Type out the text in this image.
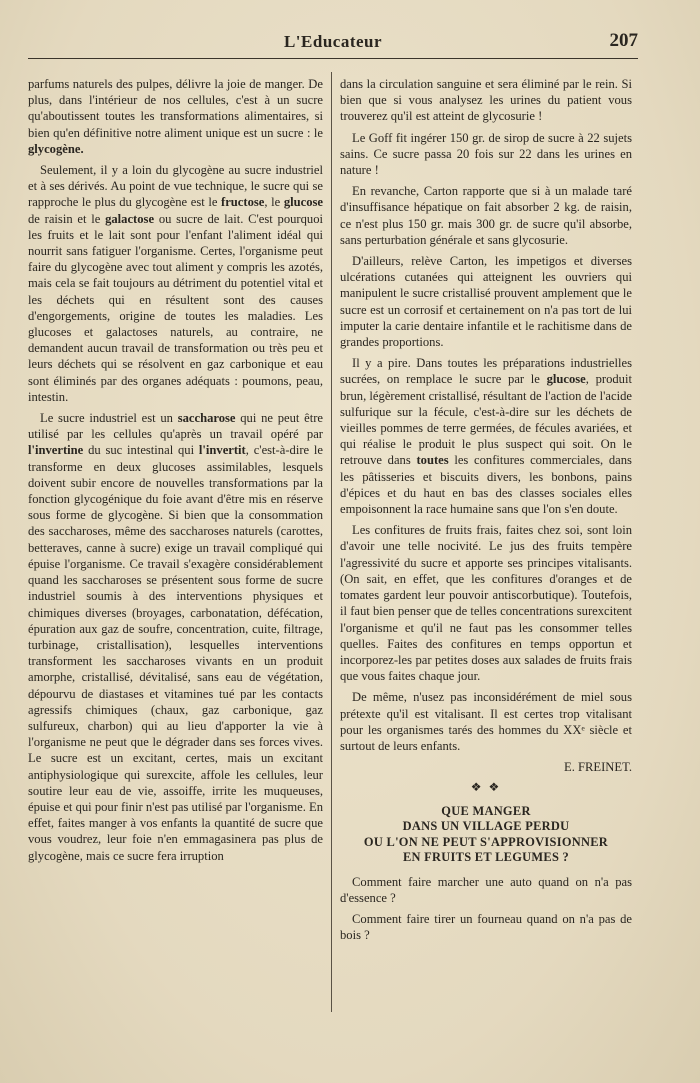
L'Educateur	207

parfums naturels des pulpes, délivre la joie de manger. De plus, dans l'intérieur de nos cellules, c'est à un sucre qu'aboutissent toutes les transformations alimentaires, si bien qu'en définitive notre aliment unique est un sucre : le glycogène.

Seulement, il y a loin du glycogène au sucre industriel et à ses dérivés. Au point de vue technique, le sucre qui se rapproche le plus du glycogène est le fructose, le glucose de raisin et le galactose ou sucre de lait. C'est pourquoi les fruits et le lait sont pour l'enfant l'aliment idéal qui nourrit sans fatiguer l'organisme. Certes, l'organisme peut faire du glycogène avec tout aliment y compris les azotés, mais cela se fait toujours au détriment du potentiel vital et les déchets qui en résultent sont des causes d'engorgements, origine de toutes les maladies. Les glucoses et galactoses naturels, au contraire, ne demandent aucun travail de transformation ou très peu et leurs déchets qui se résolvent en gaz carbonique et eau sont éliminés par des organes adéquats : poumons, peau, intestin.

Le sucre industriel est un saccharose qui ne peut être utilisé par les cellules qu'après un travail opéré par l'invertine du suc intestinal qui l'invertit, c'est-à-dire le transforme en deux glucoses assimilables, lesquels doivent subir encore de nouvelles transformations par la fonction glycogénique du foie avant d'être mis en réserve sous forme de glycogène. Si bien que la consommation des saccharoses, même des saccharoses naturels (carottes, betteraves, canne à sucre) exige un travail compliqué qui épuise l'organisme. Ce travail s'exagère considérablement quand les saccharoses se présentent sous forme de sucre industriel soumis à des interventions physiques et chimiques diverses (broyages, carbonatation, défécation, épuration aux gaz de soufre, concentration, cuite, filtrage, turbinage, cristallisation), lesquelles interventions transforment les saccharoses vivants en un produit amorphe, cristallisé, dévitalisé, sans eau de végétation, dépourvu de diastases et vitamines tué par les contacts agressifs chimiques (chaux, gaz carbonique, gaz sulfureux, charbon) qui au lieu d'apporter la vie à l'organisme ne peut que le dégrader dans ses forces vives. Le sucre est un excitant, certes, mais un excitant antiphysiologique qui surexcite, affole les cellules, leur soutire leur eau de vie, assoiffe, irrite les muqueuses, épuise et qui pour finir n'est pas utilisé par l'organisme. En effet, faites manger à vos enfants la quantité de sucre que vous voudrez, leur foie n'en emmagasinera pas plus de glycogène, mais ce sucre fera irruption

dans la circulation sanguine et sera éliminé par le rein. Si bien que si vous analysez les urines du patient vous trouverez qu'il est atteint de glycosurie !

Le Goff fit ingérer 150 gr. de sirop de sucre à 22 sujets sains. Ce sucre passa 20 fois sur 22 dans les urines en nature !

En revanche, Carton rapporte que si à un malade taré d'insuffisance hépatique on fait absorber 2 kg. de raisin, ce n'est plus 150 gr. mais 300 gr. de sucre qu'il absorbe, sans perturbation générale et sans glycosurie.

D'ailleurs, relève Carton, les impetigos et diverses ulcérations cutanées qui atteignent les ouvriers qui manipulent le sucre cristallisé prouvent amplement que le sucre est un corrosif et certainement on n'a pas tort de lui imputer la carie dentaire infantile et le rachitisme dans de grandes proportions.

Il y a pire. Dans toutes les préparations industrielles sucrées, on remplace le sucre par le glucose, produit brun, légèrement cristallisé, résultant de l'action de l'acide sulfurique sur la fécule, c'est-à-dire sur les déchets de vieilles pommes de terre germées, de fécules avariées, et qui réalise le produit le plus suspect qui soit. On le retrouve dans toutes les confitures commerciales, dans les pâtisseries et biscuits divers, les bonbons, pains d'épices et du haut en bas des classes sociales elles empoisonnent la race humaine sans que l'on s'en doute.

Les confitures de fruits frais, faites chez soi, sont loin d'avoir une telle nocivité. Le jus des fruits tempère l'agressivité du sucre et apporte ses principes vitalisants. (On sait, en effet, que les confitures d'oranges et de tomates gardent leur pouvoir antiscorbutique). Toutefois, il faut bien penser que de telles concentrations surexcitent l'organisme et qu'il ne faut pas les consommer telles quelles. Faites des confitures en temps opportun et incorporez-les par petites doses aux salades de fruits frais que vous faites chaque jour.

De même, n'usez pas inconsidérément de miel sous prétexte qu'il est vitalisant. Il est certes trop vitalisant pour les organismes tarés des hommes du XXᵉ siècle et surtout de leurs enfants.

E. FREINET.
❖ ❖
QUE MANGER
DANS UN VILLAGE PERDU
OU L'ON NE PEUT S'APPROVISIONNER
EN FRUITS ET LEGUMES ?

Comment faire marcher une auto quand on n'a pas d'essence ?

Comment faire tirer un fourneau quand on n'a pas de bois ?
